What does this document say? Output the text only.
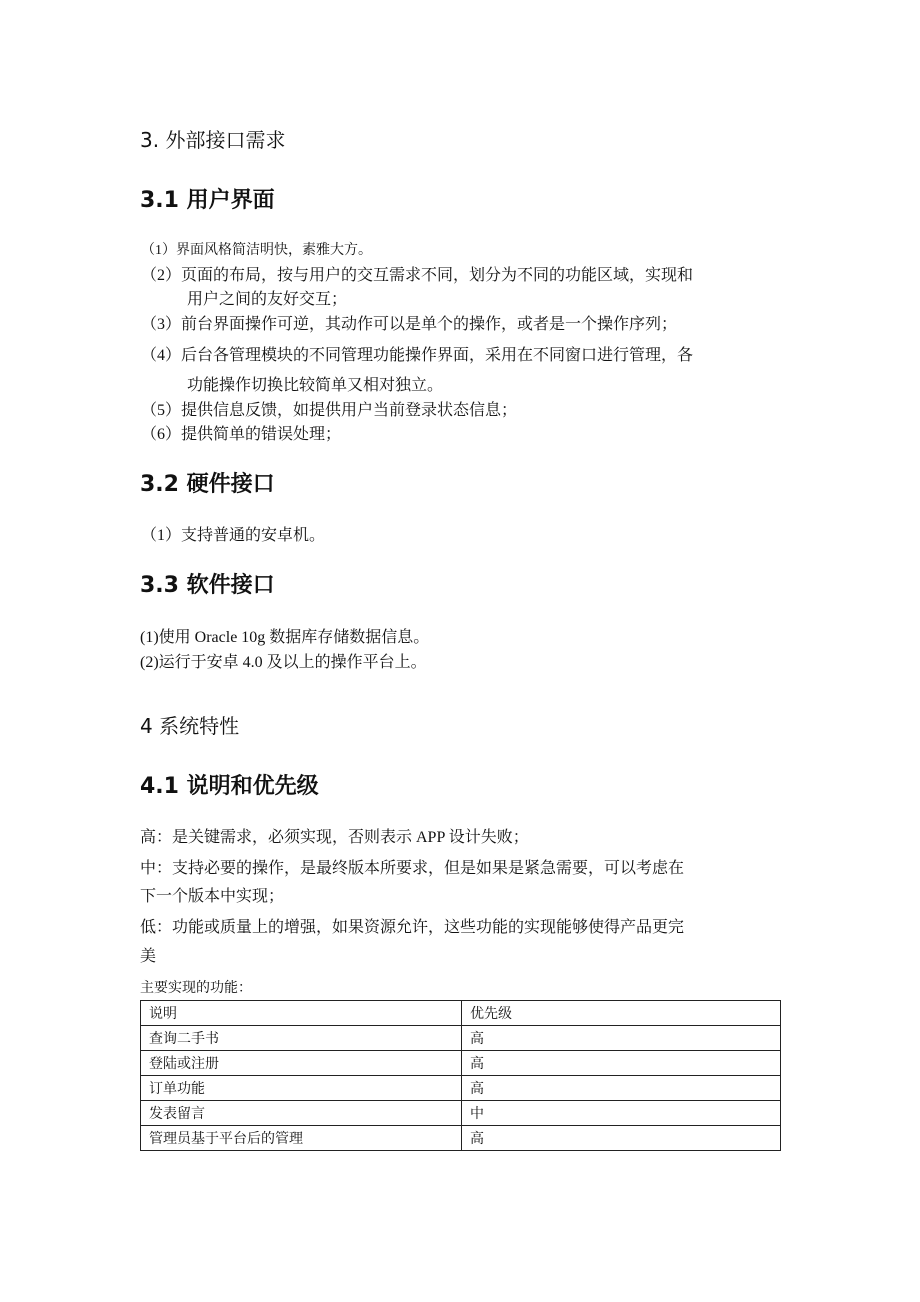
3. 外部接口需求
3.1 用户界面

（1）界面风格简洁明快，素雅大方。

（2）页面的布局，按与用户的交互需求不同，划分为不同的功能区域，实现和

用户之间的友好交互；

（3）前台界面操作可逆，其动作可以是单个的操作，或者是一个操作序列；

（4）后台各管理模块的不同管理功能操作界面，采用在不同窗口进行管理，各

功能操作切换比较简单又相对独立。

（5）提供信息反馈，如提供用户当前登录状态信息；

（6）提供简单的错误处理；

3.2 硬件接口

（1）支持普通的安卓机。

3.3 软件接口

(1)使用 Oracle 10g 数据库存储数据信息。

(2)运行于安卓 4.0 及以上的操作平台上。

4 系统特性
4.1 说明和优先级

高：是关键需求，必须实现，否则表示 APP 设计失败；

中：支持必要的操作，是最终版本所要求，但是如果是紧急需要，可以考虑在

下一个版本中实现；

低：功能或质量上的增强，如果资源允许，这些功能的实现能够使得产品更完

美

主要实现的功能：

说明	优先级
查询二手书	高
登陆或注册	高
订单功能	高
发表留言	中
管理员基于平台后的管理	高
